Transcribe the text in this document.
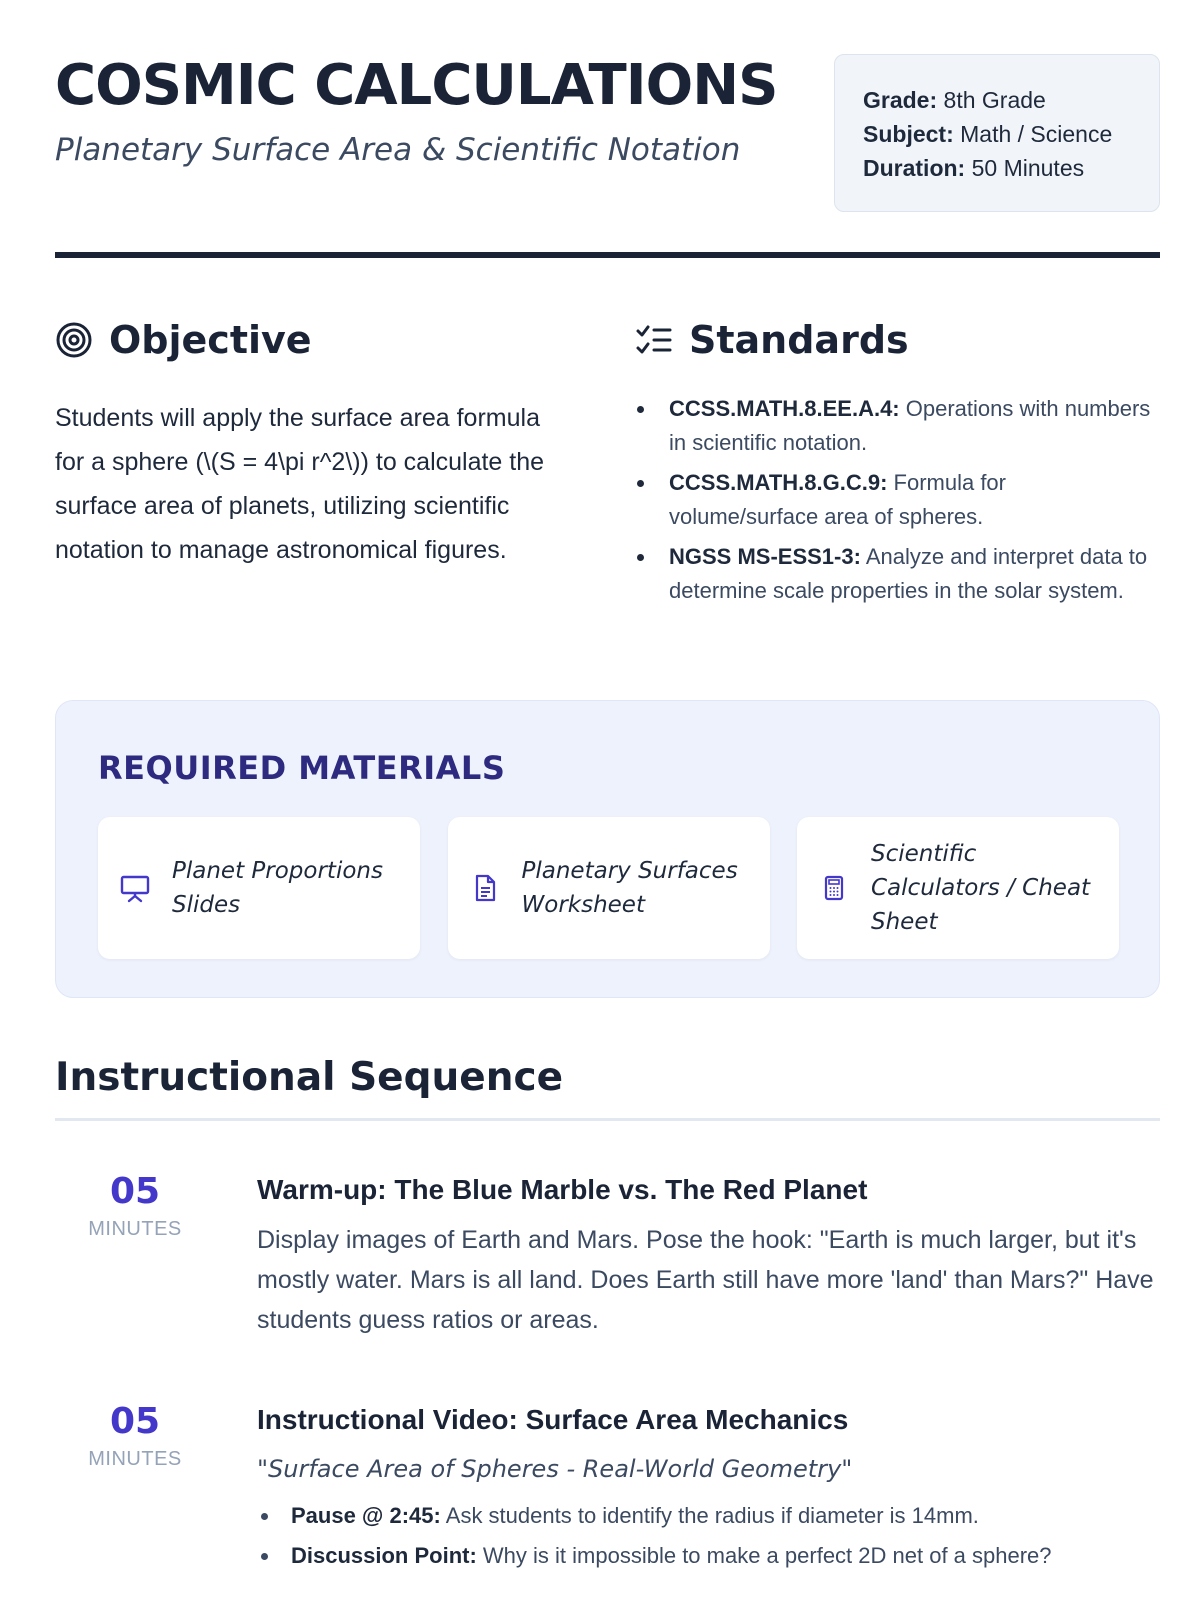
COSMIC CALCULATIONS
Planetary Surface Area & Scientific Notation
Grade: 8th Grade
Subject: Math / Science
Duration: 50 Minutes
Objective

Students will apply the surface area formula for a sphere (\(S = 4\pi r^2\)) to calculate the surface area of planets, utilizing scientific notation to manage astronomical figures.

Standards
CCSS.MATH.8.EE.A.4: Operations with numbers in scientific notation.
CCSS.MATH.8.G.C.9: Formula for volume/surface area of spheres.
NGSS MS-ESS1-3: Analyze and interpret data to determine scale properties in the solar system.
REQUIRED MATERIALS
Planet Proportions Slides
Planetary Surfaces Worksheet
Scientific Calculators / Cheat Sheet
Instructional Sequence
05
MINUTES
Warm-up: The Blue Marble vs. The Red Planet

Display images of Earth and Mars. Pose the hook: "Earth is much larger, but it's mostly water. Mars is all land. Does Earth still have more 'land' than Mars?" Have students guess ratios or areas.

05
MINUTES
Instructional Video: Surface Area Mechanics
"Surface Area of Spheres - Real-World Geometry"
Pause @ 2:45: Ask students to identify the radius if diameter is 14mm.
Discussion Point: Why is it impossible to make a perfect 2D net of a sphere?
